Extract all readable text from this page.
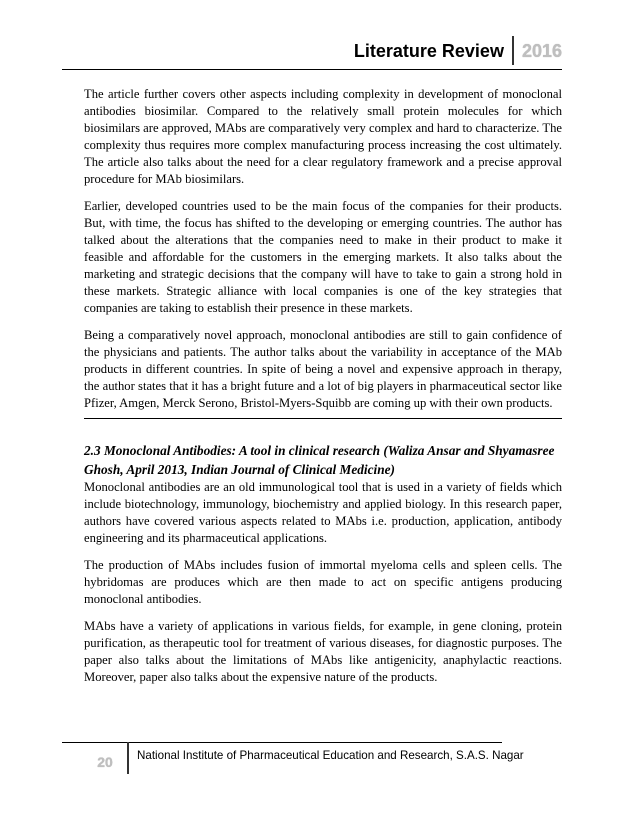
Literature Review	2016

The article further covers other aspects including complexity in development of monoclonal antibodies biosimilar. Compared to the relatively small protein molecules for which biosimilars are approved, MAbs are comparatively very complex and hard to characterize. The complexity thus requires more complex manufacturing process increasing the cost ultimately. The article also talks about the need for a clear regulatory framework and a precise approval procedure for MAb biosimilars.

Earlier, developed countries used to be the main focus of the companies for their products. But, with time, the focus has shifted to the developing or emerging countries. The author has talked about the alterations that the companies need to make in their product to make it feasible and affordable for the customers in the emerging markets. It also talks about the marketing and strategic decisions that the company will have to take to gain a strong hold in these markets. Strategic alliance with local companies is one of the key strategies that companies are taking to establish their presence in these markets.

Being a comparatively novel approach, monoclonal antibodies are still to gain confidence of the physicians and patients. The author talks about the variability in acceptance of the MAb products in different countries. In spite of being a novel and expensive approach in therapy, the author states that it has a bright future and a lot of big players in pharmaceutical sector like Pfizer, Amgen, Merck Serono, Bristol-Myers-Squibb are coming up with their own products.

2.3 Monoclonal Antibodies: A tool in clinical research (Waliza Ansar and Shyamasree Ghosh, April 2013, Indian Journal of Clinical Medicine)

Monoclonal antibodies are an old immunological tool that is used in a variety of fields which include biotechnology, immunology, biochemistry and applied biology. In this research paper, authors have covered various aspects related to MAbs i.e. production, application, antibody engineering and its pharmaceutical applications.

The production of MAbs includes fusion of immortal myeloma cells and spleen cells. The hybridomas are produces which are then made to act on specific antigens producing monoclonal antibodies.

MAbs have a variety of applications in various fields, for example, in gene cloning, protein purification, as therapeutic tool for treatment of various diseases, for diagnostic purposes. The paper also talks about the limitations of MAbs like antigenicity, anaphylactic reactions. Moreover, paper also talks about the expensive nature of the products.

20	National Institute of Pharmaceutical Education and Research, S.A.S. Nagar
